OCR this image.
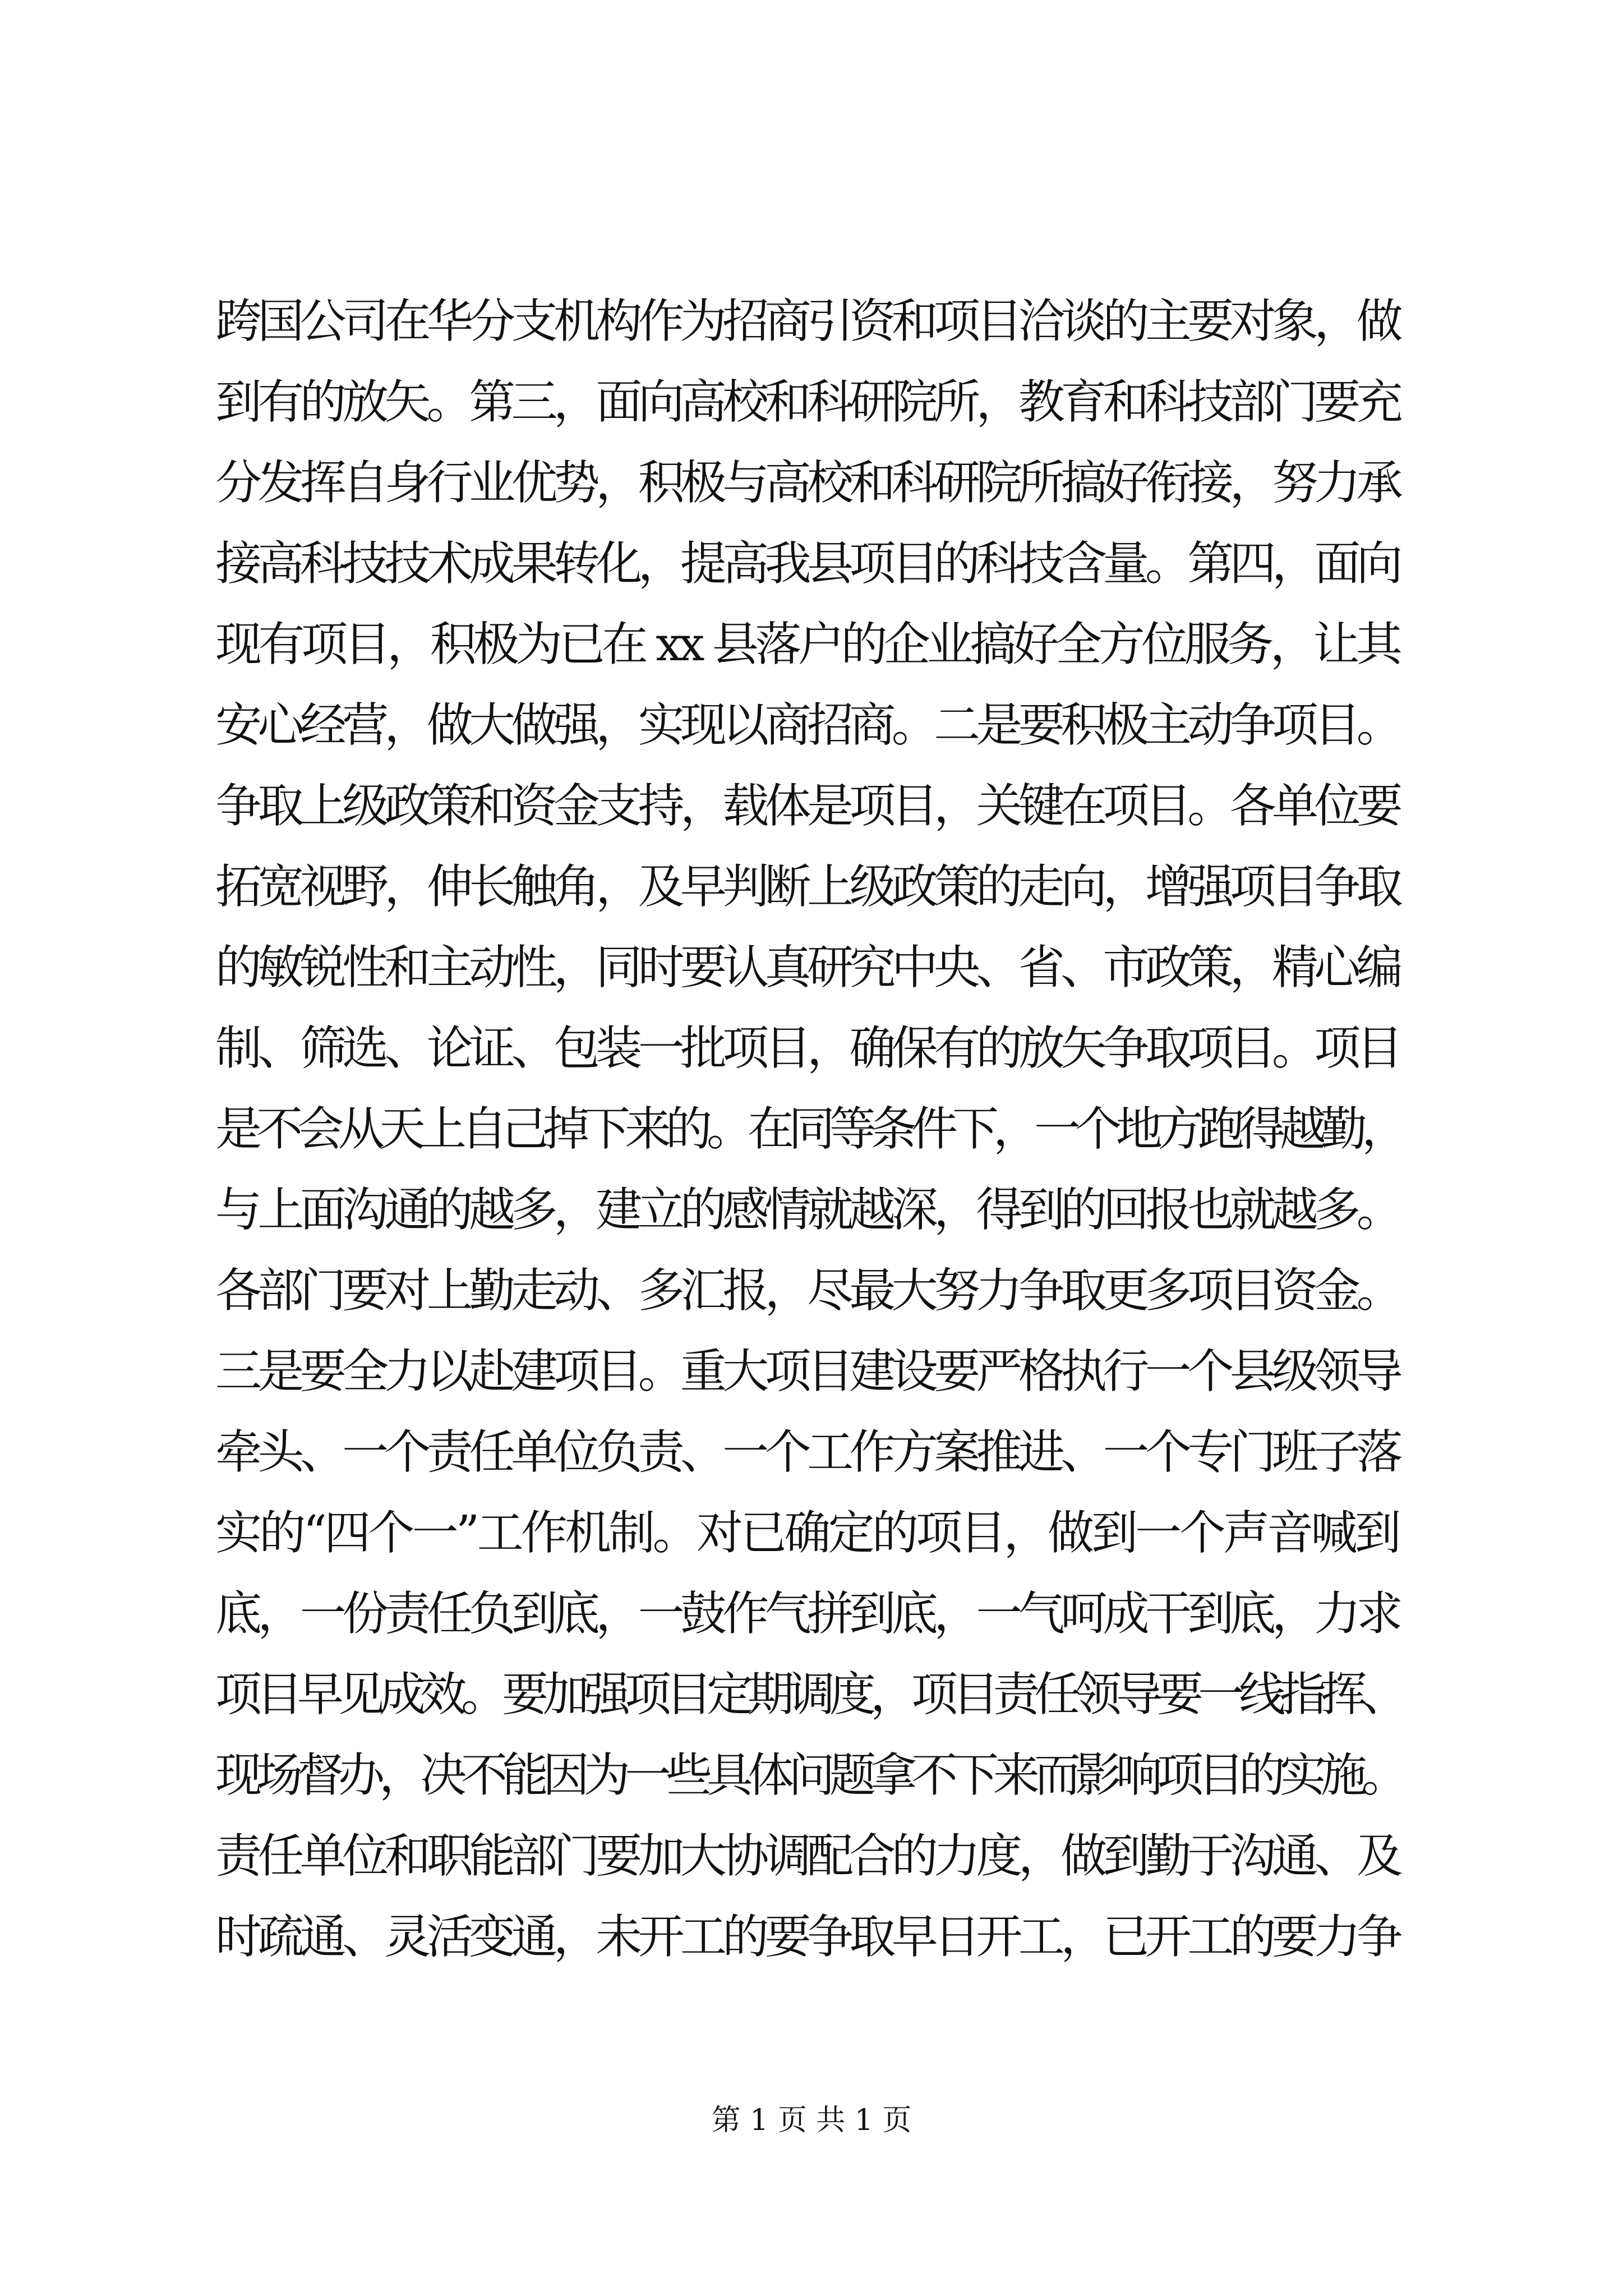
跨国公司在华分支机构作为招商引资和项目洽谈的主要对象，做
到有的放矢。第三，面向高校和科研院所，教育和科技部门要充
分发挥自身行业优势，积极与高校和科研院所搞好衔接，努力承
接高科技技术成果转化，提高我县项目的科技含量。第四，面向
现有项目，积极为已在 xx 县落户的企业搞好全方位服务，让其
安心经营，做大做强，实现以商招商。二是要积极主动争项目。
争取上级政策和资金支持，载体是项目，关键在项目。各单位要
拓宽视野，伸长触角，及早判断上级政策的走向，增强项目争取
的敏锐性和主动性，同时要认真研究中央、省、市政策，精心编
制、筛选、论证、包装一批项目，确保有的放矢争取项目。项目
是不会从天上自己掉下来的。在同等条件下，一个地方跑得越勤，
与上面沟通的越多，建立的感情就越深，得到的回报也就越多。
各部门要对上勤走动、多汇报，尽最大努力争取更多项目资金。
三是要全力以赴建项目。重大项目建设要严格执行一个县级领导
牵头、一个责任单位负责、一个工作方案推进、一个专门班子落
实的“四个一”工作机制。对已确定的项目，做到一个声音喊到
底，一份责任负到底，一鼓作气拼到底，一气呵成干到底，力求
项目早见成效。要加强项目定期调度，项目责任领导要一线指挥、
现场督办，决不能因为一些具体问题拿不下来而影响项目的实施。
责任单位和职能部门要加大协调配合的力度，做到勤于沟通、及
时疏通、灵活变通，未开工的要争取早日开工，已开工的要力争
第 1 页 共 1 页
